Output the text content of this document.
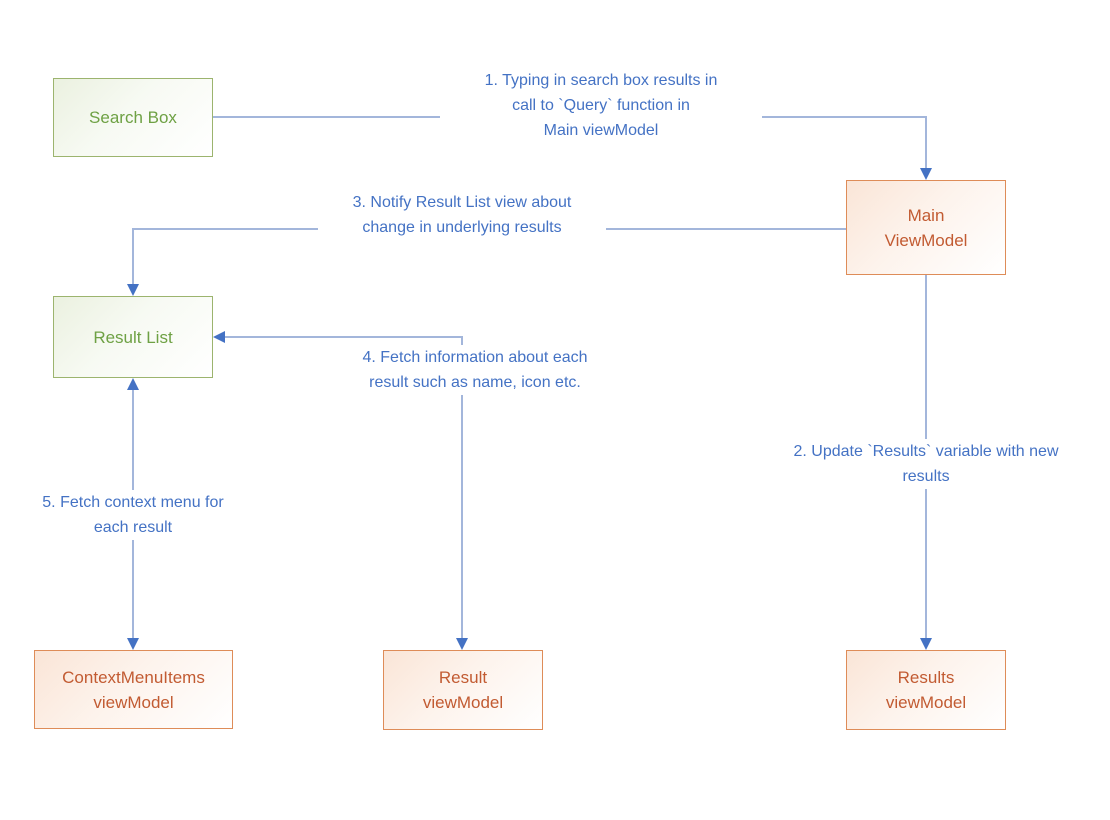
1. Typing in search box results in
call to `Query` function in
Main viewModel
3. Notify Result List view about
change in underlying results
4. Fetch information about each
result such as name, icon etc.
5. Fetch context menu for
each result
2. Update `Results` variable with new
results
Search Box
Main
ViewModel
Result List
ContextMenuItems
viewModel
Result
viewModel
Results
viewModel
